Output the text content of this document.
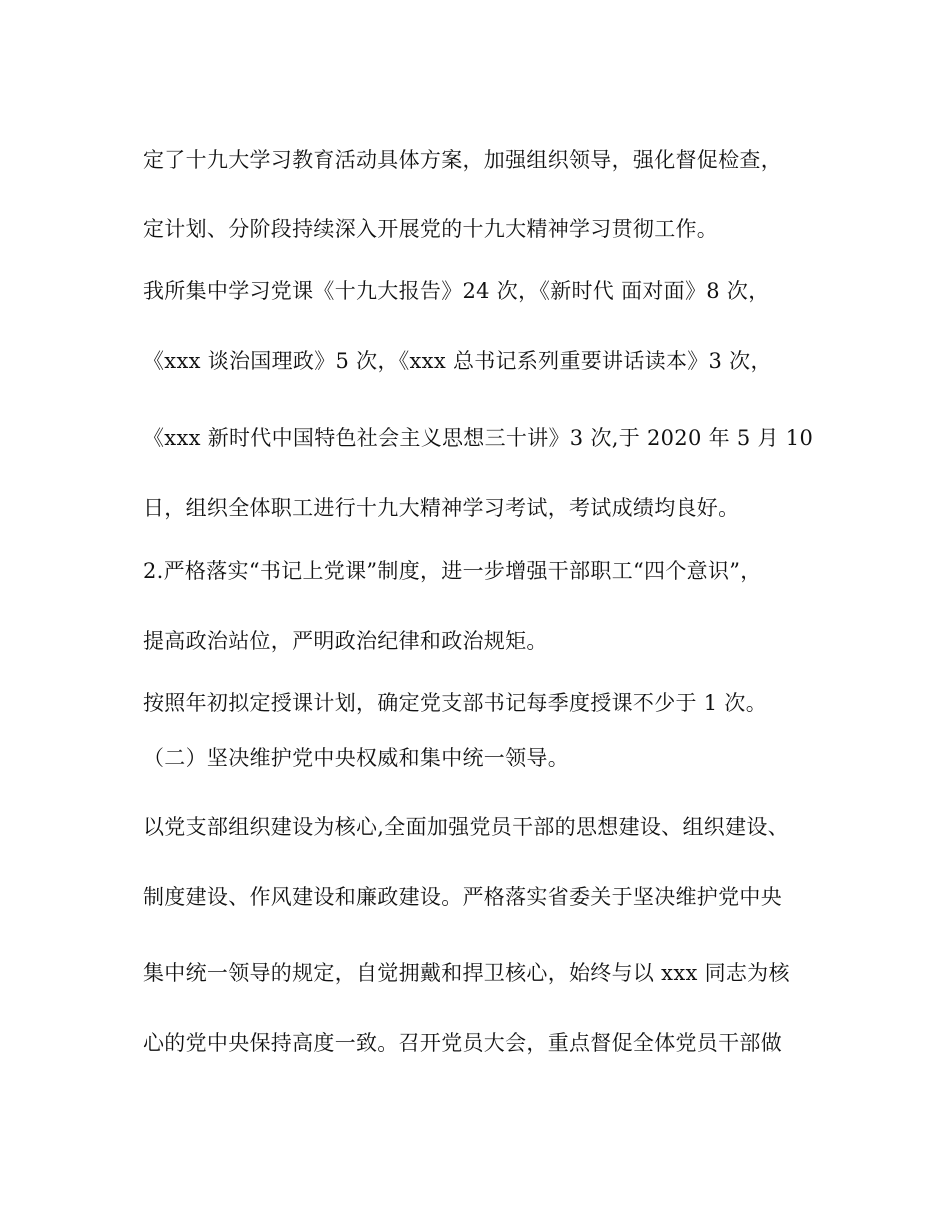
定了十九大学习教育活动具体方案，加强组织领导，强化督促检查，
定计划、分阶段持续深入开展党的十九大精神学习贯彻工作。
我所集中学习党课《十九大报告》24 次，《新时代 面对面》8 次，
《xxx 谈治国理政》5 次，《xxx 总书记系列重要讲话读本》3 次，
《xxx 新时代中国特色社会主义思想三十讲》3 次,于 2020 年 5 月 10
日，组织全体职工进行十九大精神学习考试，考试成绩均良好。
2.严格落实“书记上党课”制度，进一步增强干部职工“四个意识”，
提高政治站位，严明政治纪律和政治规矩。
按照年初拟定授课计划，确定党支部书记每季度授课不少于 1 次。
（二）坚决维护党中央权威和集中统一领导。
以党支部组织建设为核心,全面加强党员干部的思想建设、组织建设、
制度建设、作风建设和廉政建设。严格落实省委关于坚决维护党中央
集中统一领导的规定，自觉拥戴和捍卫核心，始终与以 xxx 同志为核
心的党中央保持高度一致。召开党员大会，重点督促全体党员干部做
